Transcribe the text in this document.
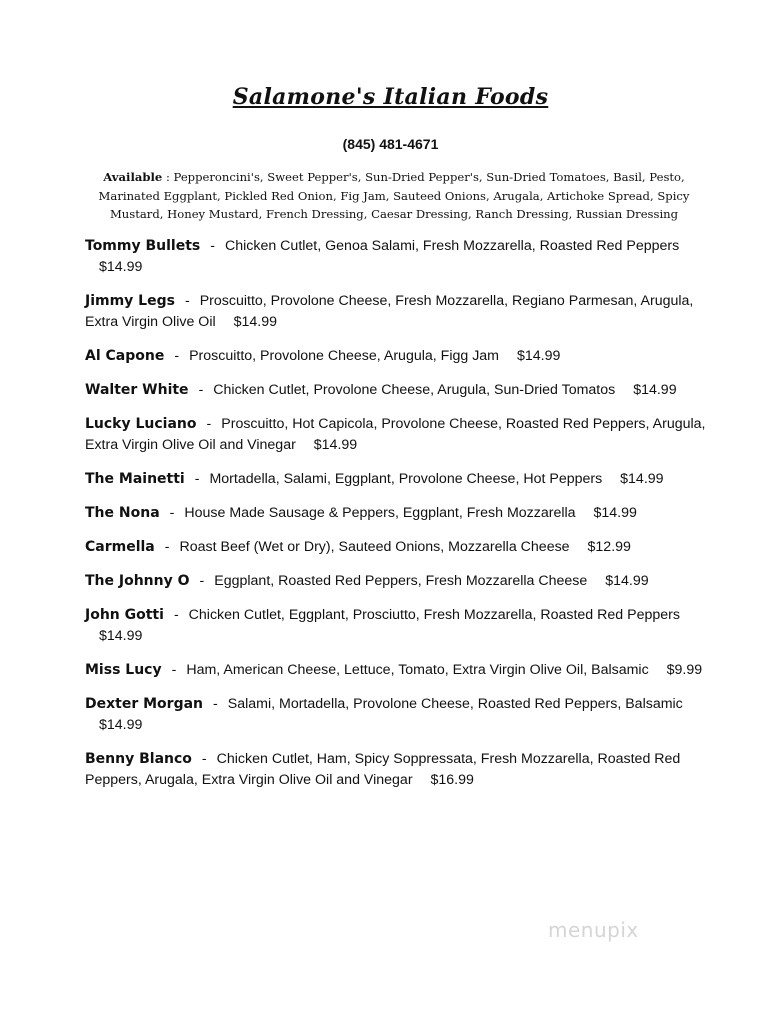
Salamone's Italian Foods
(845) 481-4671
Available : Pepperoncini's, Sweet Pepper's, Sun-Dried Pepper's, Sun-Dried Tomatoes, Basil, Pesto, Marinated Eggplant, Pickled Red Onion, Fig Jam, Sauteed Onions, Arugala, Artichoke Spread, Spicy Mustard, Honey Mustard, French Dressing, Caesar Dressing, Ranch Dressing, Russian Dressing
Tommy Bullets - Chicken Cutlet, Genoa Salami, Fresh Mozzarella, Roasted Red Peppers $14.99
Jimmy Legs - Proscuitto, Provolone Cheese, Fresh Mozzarella, Regiano Parmesan, Arugula, Extra Virgin Olive Oil $14.99
Al Capone - Proscuitto, Provolone Cheese, Arugula, Figg Jam $14.99
Walter White - Chicken Cutlet, Provolone Cheese, Arugula, Sun-Dried Tomatos $14.99
Lucky Luciano - Proscuitto, Hot Capicola, Provolone Cheese, Roasted Red Peppers, Arugula, Extra Virgin Olive Oil and Vinegar $14.99
The Mainetti - Mortadella, Salami, Eggplant, Provolone Cheese, Hot Peppers $14.99
The Nona - House Made Sausage & Peppers, Eggplant, Fresh Mozzarella $14.99
Carmella - Roast Beef (Wet or Dry), Sauteed Onions, Mozzarella Cheese $12.99
The Johnny O - Eggplant, Roasted Red Peppers, Fresh Mozzarella Cheese $14.99
John Gotti - Chicken Cutlet, Eggplant, Prosciutto, Fresh Mozzarella, Roasted Red Peppers $14.99
Miss Lucy - Ham, American Cheese, Lettuce, Tomato, Extra Virgin Olive Oil, Balsamic $9.99
Dexter Morgan - Salami, Mortadella, Provolone Cheese, Roasted Red Peppers, Balsamic $14.99
Benny Blanco - Chicken Cutlet, Ham, Spicy Soppressata, Fresh Mozzarella, Roasted Red Peppers, Arugala, Extra Virgin Olive Oil and Vinegar $16.99
menupix
